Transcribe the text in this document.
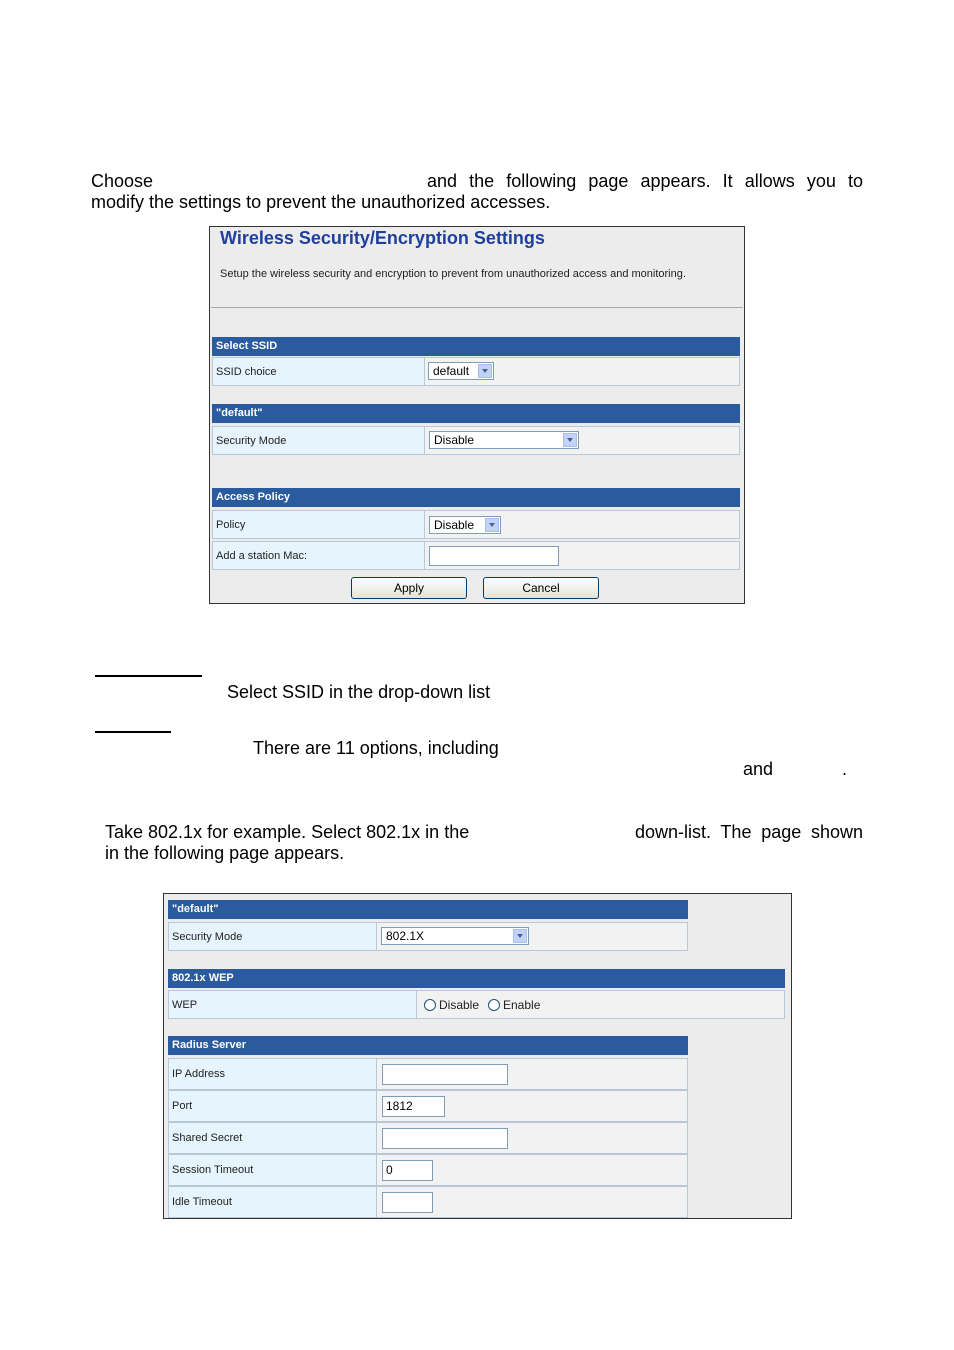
Choose	and the following page appears. It allows you to
modify the settings to prevent the unauthorized accesses.
Wireless Security/Encryption Settings
Setup the wireless security and encryption to prevent from unauthorized access and monitoring.
Select SSID
SSID choice	default
"default"
Security Mode	Disable
Access Policy
Policy	Disable
Add a station Mac:
Apply	Cancel
Select SSID in the drop-down list
There are 11 options, including
and	.
Take 802.1x for example. Select 802.1x in the	down-list. The page shown
in the following page appears.
"default"
Security Mode	802.1X
802.1x WEP
WEP	Disable Enable
Radius Server
IP Address
Port	1812
Shared Secret
Session Timeout	0
Idle Timeout
